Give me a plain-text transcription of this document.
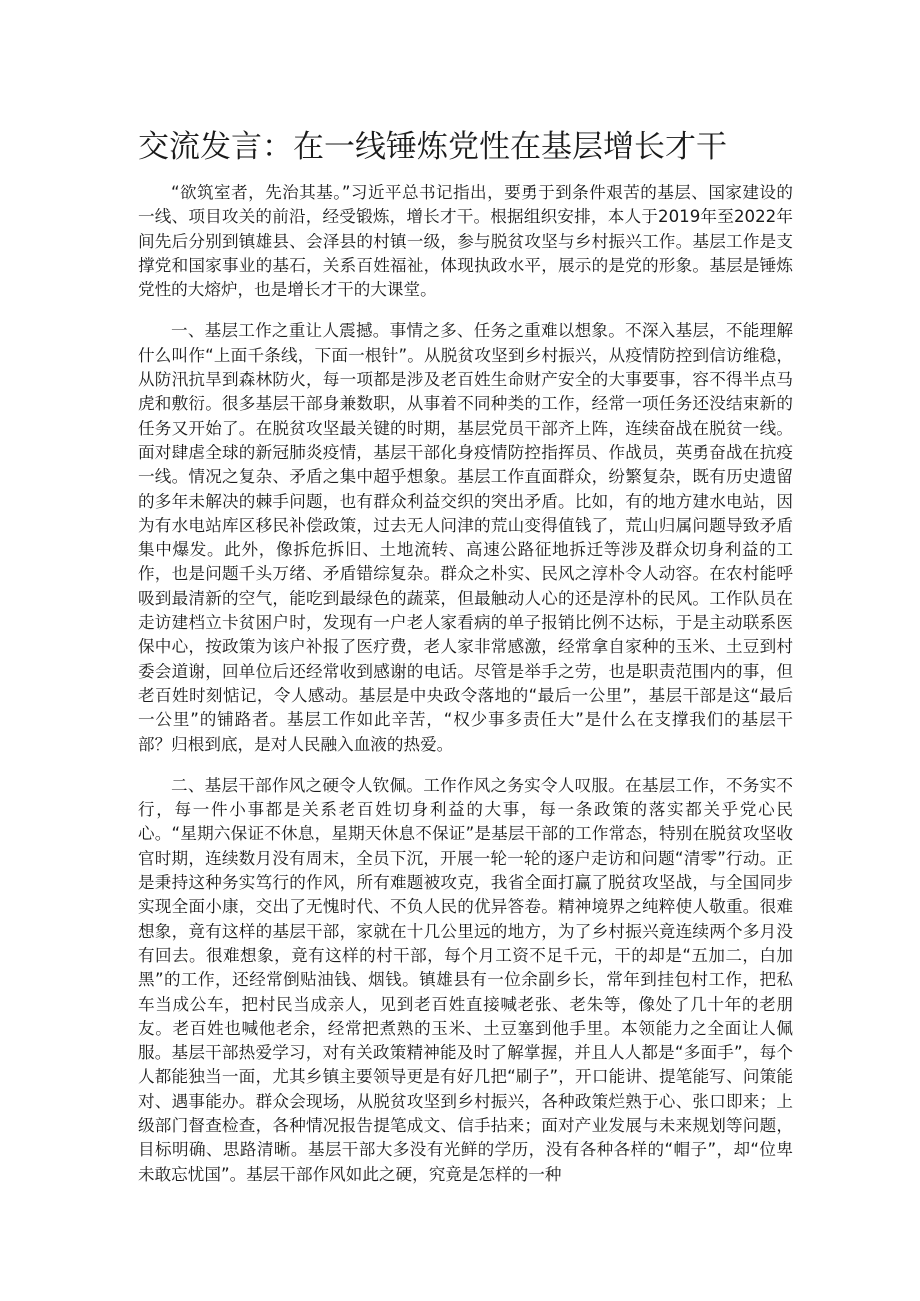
交流发言：在一线锤炼党性在基层增长才干

“欲筑室者，先治其基。”习近平总书记指出，要勇于到条件艰苦的基层、国家建设的一线、项目攻关的前沿，经受锻炼，增长才干。根据组织安排，本人于2019年至2022年间先后分别到镇雄县、会泽县的村镇一级，参与脱贫攻坚与乡村振兴工作。基层工作是支撑党和国家事业的基石，关系百姓福祉，体现执政水平，展示的是党的形象。基层是锤炼党性的大熔炉，也是增长才干的大课堂。

一、基层工作之重让人震撼。事情之多、任务之重难以想象。不深入基层，不能理解什么叫作“上面千条线，下面一根针”。从脱贫攻坚到乡村振兴，从疫情防控到信访维稳，从防汛抗旱到森林防火，每一项都是涉及老百姓生命财产安全的大事要事，容不得半点马虎和敷衍。很多基层干部身兼数职，从事着不同种类的工作，经常一项任务还没结束新的任务又开始了。在脱贫攻坚最关键的时期，基层党员干部齐上阵，连续奋战在脱贫一线。面对肆虐全球的新冠肺炎疫情，基层干部化身疫情防控指挥员、作战员，英勇奋战在抗疫一线。情况之复杂、矛盾之集中超乎想象。基层工作直面群众，纷繁复杂，既有历史遗留的多年未解决的棘手问题，也有群众利益交织的突出矛盾。比如，有的地方建水电站，因为有水电站库区移民补偿政策，过去无人问津的荒山变得值钱了，荒山归属问题导致矛盾集中爆发。此外，像拆危拆旧、土地流转、高速公路征地拆迁等涉及群众切身利益的工作，也是问题千头万绪、矛盾错综复杂。群众之朴实、民风之淳朴令人动容。在农村能呼吸到最清新的空气，能吃到最绿色的蔬菜，但最触动人心的还是淳朴的民风。工作队员在走访建档立卡贫困户时，发现有一户老人家看病的单子报销比例不达标，于是主动联系医保中心，按政策为该户补报了医疗费，老人家非常感激，经常拿自家种的玉米、土豆到村委会道谢，回单位后还经常收到感谢的电话。尽管是举手之劳，也是职责范围内的事，但老百姓时刻惦记，令人感动。基层是中央政令落地的“最后一公里”，基层干部是这“最后一公里”的铺路者。基层工作如此辛苦，“权少事多责任大”是什么在支撑我们的基层干部？归根到底，是对人民融入血液的热爱。

二、基层干部作风之硬令人钦佩。工作作风之务实令人叹服。在基层工作，不务实不行，每一件小事都是关系老百姓切身利益的大事，每一条政策的落实都关乎党心民心。“星期六保证不休息，星期天休息不保证”是基层干部的工作常态，特别在脱贫攻坚收官时期，连续数月没有周末，全员下沉，开展一轮一轮的逐户走访和问题“清零”行动。正是秉持这种务实笃行的作风，所有难题被攻克，我省全面打赢了脱贫攻坚战，与全国同步实现全面小康，交出了无愧时代、不负人民的优异答卷。精神境界之纯粹使人敬重。很难想象，竟有这样的基层干部，家就在十几公里远的地方，为了乡村振兴竟连续两个多月没有回去。很难想象，竟有这样的村干部，每个月工资不足千元，干的却是“五加二，白加黑”的工作，还经常倒贴油钱、烟钱。镇雄县有一位余副乡长，常年到挂包村工作，把私车当成公车，把村民当成亲人，见到老百姓直接喊老张、老朱等，像处了几十年的老朋友。老百姓也喊他老余，经常把煮熟的玉米、土豆塞到他手里。本领能力之全面让人佩服。基层干部热爱学习，对有关政策精神能及时了解掌握，并且人人都是“多面手”，每个人都能独当一面，尤其乡镇主要领导更是有好几把“刷子”，开口能讲、提笔能写、问策能对、遇事能办。群众会现场，从脱贫攻坚到乡村振兴，各种政策烂熟于心、张口即来；上级部门督查检查，各种情况报告提笔成文、信手拈来；面对产业发展与未来规划等问题，目标明确、思路清晰。基层干部大多没有光鲜的学历，没有各种各样的“帽子”，却“位卑未敢忘忧国”。基层干部作风如此之硬，究竟是怎样的一种
